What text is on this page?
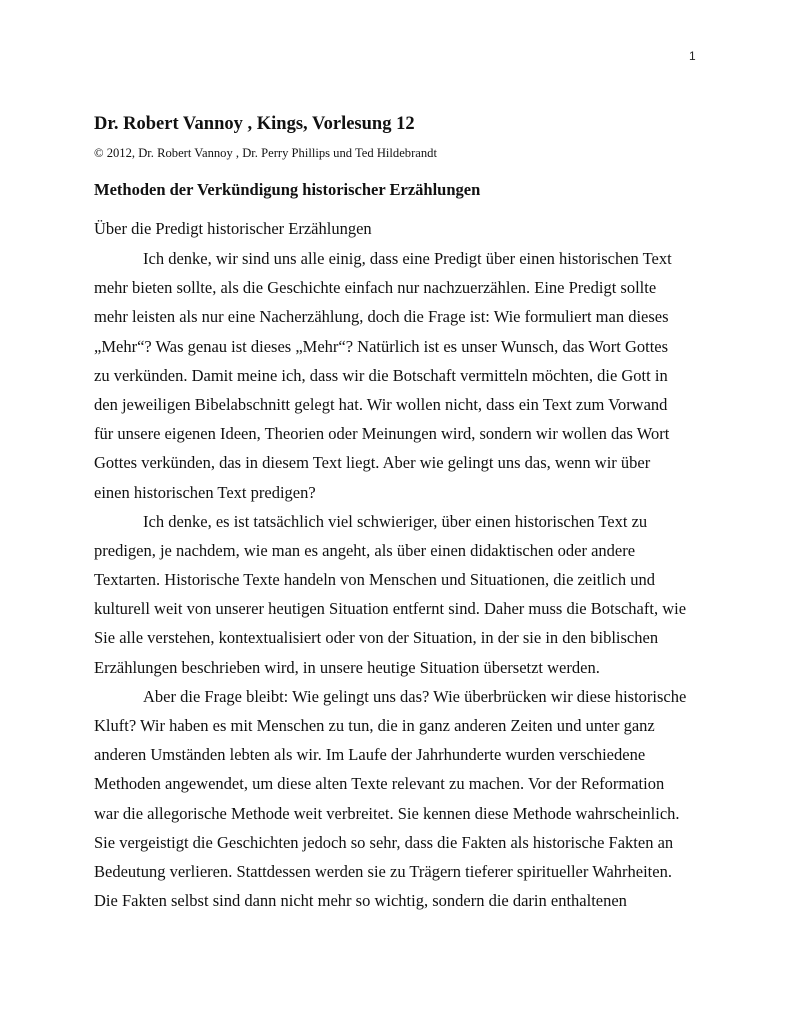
1
Dr. Robert Vannoy , Kings, Vorlesung 12
© 2012, Dr. Robert Vannoy , Dr. Perry Phillips und Ted Hildebrandt
Methoden der Verkündigung historischer Erzählungen
Über die Predigt historischer Erzählungen
Ich denke, wir sind uns alle einig, dass eine Predigt über einen historischen Text
mehr bieten sollte, als die Geschichte einfach nur nachzuerzählen. Eine Predigt sollte
mehr leisten als nur eine Nacherzählung, doch die Frage ist: Wie formuliert man dieses
„Mehr“? Was genau ist dieses „Mehr“? Natürlich ist es unser Wunsch, das Wort Gottes
zu verkünden. Damit meine ich, dass wir die Botschaft vermitteln möchten, die Gott in
den jeweiligen Bibelabschnitt gelegt hat. Wir wollen nicht, dass ein Text zum Vorwand
für unsere eigenen Ideen, Theorien oder Meinungen wird, sondern wir wollen das Wort
Gottes verkünden, das in diesem Text liegt. Aber wie gelingt uns das, wenn wir über
einen historischen Text predigen?
Ich denke, es ist tatsächlich viel schwieriger, über einen historischen Text zu
predigen, je nachdem, wie man es angeht, als über einen didaktischen oder andere
Textarten. Historische Texte handeln von Menschen und Situationen, die zeitlich und
kulturell weit von unserer heutigen Situation entfernt sind. Daher muss die Botschaft, wie
Sie alle verstehen, kontextualisiert oder von der Situation, in der sie in den biblischen
Erzählungen beschrieben wird, in unsere heutige Situation übersetzt werden.
Aber die Frage bleibt: Wie gelingt uns das? Wie überbrücken wir diese historische
Kluft? Wir haben es mit Menschen zu tun, die in ganz anderen Zeiten und unter ganz
anderen Umständen lebten als wir. Im Laufe der Jahrhunderte wurden verschiedene
Methoden angewendet, um diese alten Texte relevant zu machen. Vor der Reformation
war die allegorische Methode weit verbreitet. Sie kennen diese Methode wahrscheinlich.
Sie vergeistigt die Geschichten jedoch so sehr, dass die Fakten als historische Fakten an
Bedeutung verlieren. Stattdessen werden sie zu Trägern tieferer spiritueller Wahrheiten.
Die Fakten selbst sind dann nicht mehr so wichtig, sondern die darin enthaltenen
